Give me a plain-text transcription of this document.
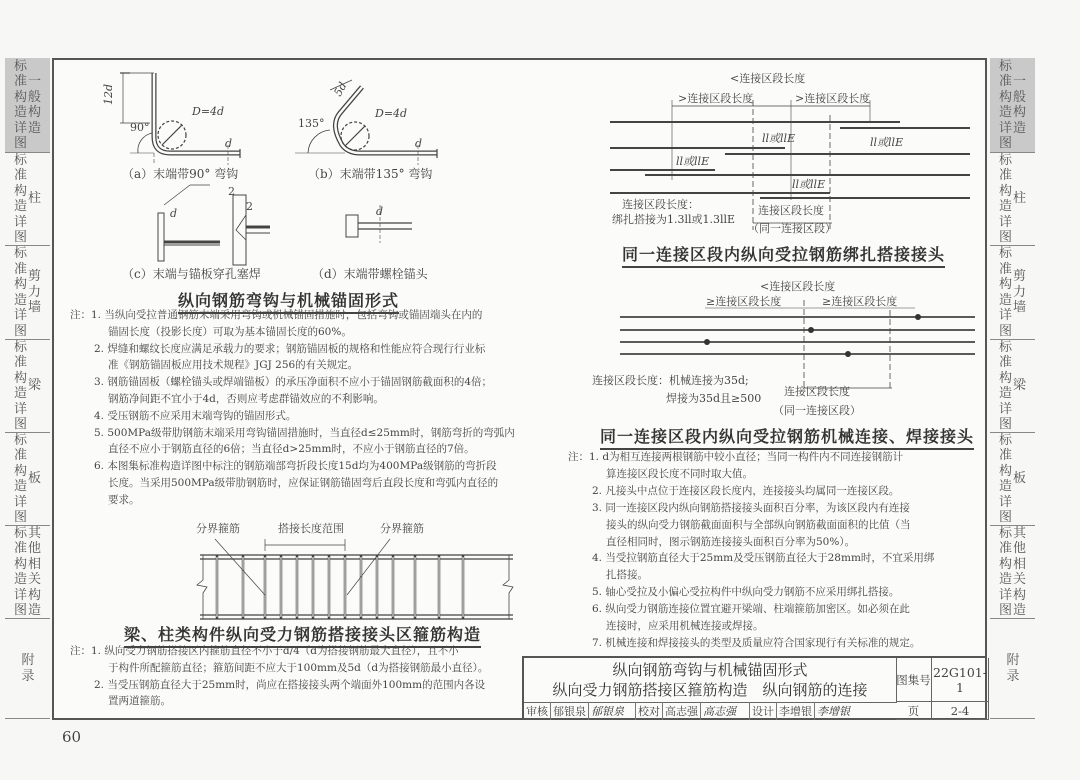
标
准
构
造
详
图
一
般
构
造
标
准
构
造
详
图
柱
标
准
构
造
详
图
剪
力
墙
标
准
构
造
详
图
梁
标
准
构
造
详
图
板
标
准
构
造
详
图
其
他
相
关
构
造
附
录
标
准
构
造
详
图
一
般
构
造
标
准
构
造
详
图
柱
标
准
构
造
详
图
剪
力
墙
标
准
构
造
详
图
梁
标
准
构
造
详
图
板
标
准
构
造
详
图
其
他
相
关
构
造
附
录
12d
90°
D=4d
d
5d
135°
D=4d
d
d
2
2	d
（a）末端带90° 弯钩	（b）末端带135° 弯钩
（c）末端与锚板穿孔塞焊	（d）末端带螺栓锚头
纵向钢筋弯钩与机械锚固形式
注：1. 当纵向受拉普通钢筋末端采用弯钩或机械锚固措施时，包括弯钩或锚固端头在内的
锚固长度（投影长度）可取为基本锚固长度的60%。
2. 焊缝和螺纹长度应满足承载力的要求；钢筋锚固板的规格和性能应符合现行行业标
准《钢筋锚固板应用技术规程》JGJ 256的有关规定。
3. 钢筋锚固板（螺栓锚头或焊端锚板）的承压净面积不应小于锚固钢筋截面积的4倍；
钢筋净间距不宜小于4d，否则应考虑群锚效应的不利影响。
4. 受压钢筋不应采用末端弯钩的锚固形式。
5. 500MPa级带肋钢筋末端采用弯钩锚固措施时，当直径d≤25mm时，钢筋弯折的弯弧内
直径不应小于钢筋直径的6倍；当直径d>25mm时，不应小于钢筋直径的7倍。
6. 本图集标准构造详图中标注的钢筋端部弯折段长度15d均为400MPa级钢筋的弯折段
长度。当采用500MPa级带肋钢筋时，应保证钢筋锚固弯后直段长度和弯弧内直径的
要求。
分界箍筋	搭接长度范围	分界箍筋
梁、柱类构件纵向受力钢筋搭接接头区箍筋构造
注：1. 纵向受力钢筋搭接区内箍筋直径不小于d/4（d为搭接钢筋最大直径），且不小
于构件所配箍筋直径；箍筋间距不应大于100mm及5d（d为搭接钢筋最小直径）。
2. 当受压钢筋直径大于25mm时，尚应在搭接接头两个端面外100mm的范围内各设
置两道箍筋。
ll或llE	ll或llE
ll或llE
ll或llE
<连接区段长度
>连接区段长度	>连接区段长度
连接区段长度：
绑扎搭接为1.3ll或1.3llE
连接区段长度
（同一连接区段）
同一连接区段内纵向受拉钢筋绑扎搭接接头
<连接区段长度
≥连接区段长度	≥连接区段长度
连接区段长度：机械连接为35d;
焊接为35d且≥500
连接区段长度
（同一连接区段）
同一连接区段内纵向受拉钢筋机械连接、焊接接头
注：1. d为相互连接两根钢筋中较小直径；当同一构件内不同连接钢筋计
算连接区段长度不同时取大值。
2. 凡接头中点位于连接区段长度内，连接接头均属同一连接区段。
3. 同一连接区段内纵向钢筋搭接接头面积百分率，为该区段内有连接
接头的纵向受力钢筋截面面积与全部纵向钢筋截面面积的比值（当
直径相同时，图示钢筋连接接头面积百分率为50%）。
4. 当受拉钢筋直径大于25mm及受压钢筋直径大于28mm时，不宜采用绑
扎搭接。
5. 轴心受拉及小偏心受拉构件中纵向受力钢筋不应采用绑扎搭接。
6. 纵向受力钢筋连接位置宜避开梁端、柱端箍筋加密区。如必须在此
连接时，应采用机械连接或焊接。
7. 机械连接和焊接接头的类型及质量应符合国家现行有关标准的规定。
纵向钢筋弯钩与机械锚固形式
纵向受力钢筋搭接区箍筋构造　纵向钢筋的连接
图集号 22G101-1
审核 郁银泉 郁银泉	校对 高志强 高志强	设计 李增银 李增银	页	2-4
60
